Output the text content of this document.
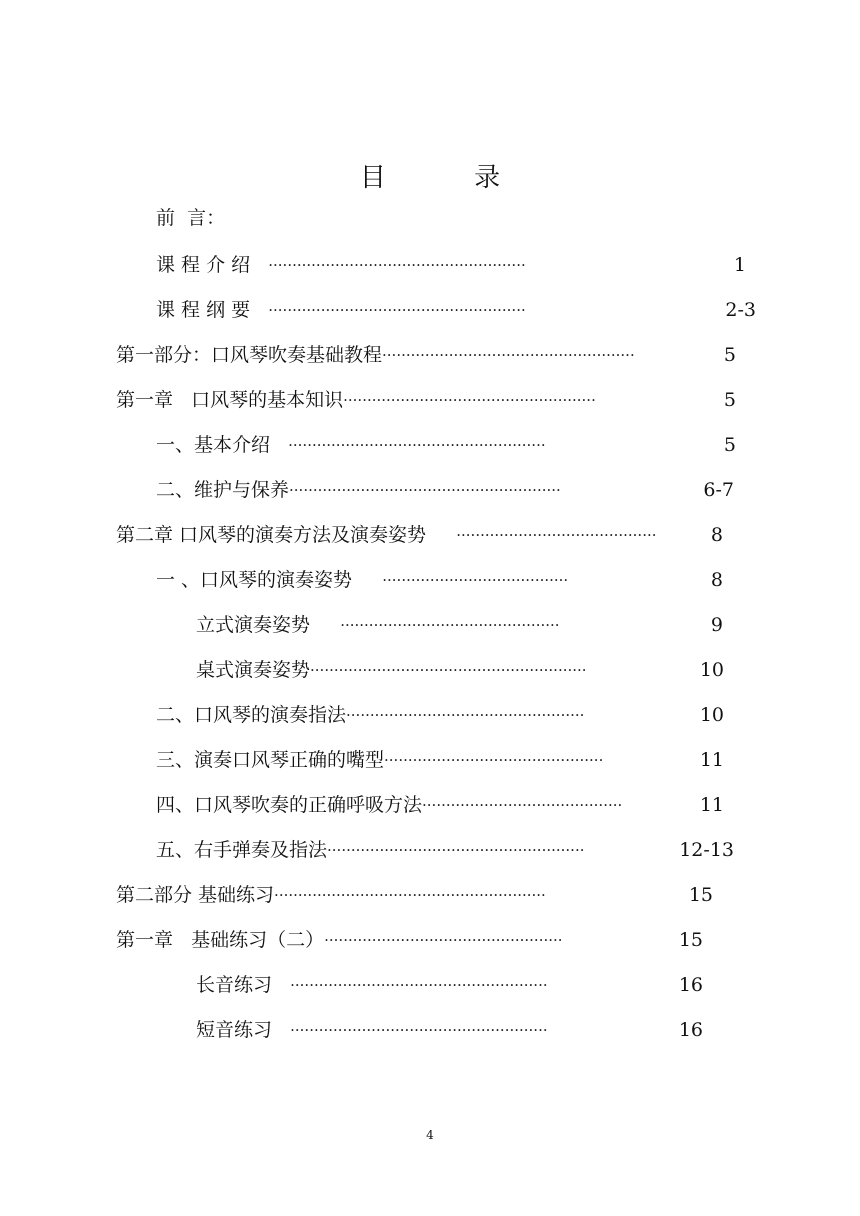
目 录
前  言：
课 程 介 绍 ······················································	1
课 程 纲 要 ······················································	2-3
第一部分：口风琴吹奏基础教程 ·····················································	5
第一章   口风琴的基本知识 ·····················································	5
一、基本介绍 ······················································	5
二、维护与保养 ·························································	6-7
第二章 口风琴的演奏方法及演奏姿势 ··········································	8
一 、口风琴的演奏姿势 ·······································	8
立式演奏姿势 ··············································	9
桌式演奏姿势 ··························································	10
二、口风琴的演奏指法 ··················································	10
三、演奏口风琴正确的嘴型 ··············································	11
四、口风琴吹奏的正确呼吸方法 ··········································	11
五、右手弹奏及指法 ······················································	12-13
第二部分 基础练习 ·························································	15
第一章   基础练习（二） ··················································	15
长音练习 ······················································	16
短音练习 ······················································	16
4
